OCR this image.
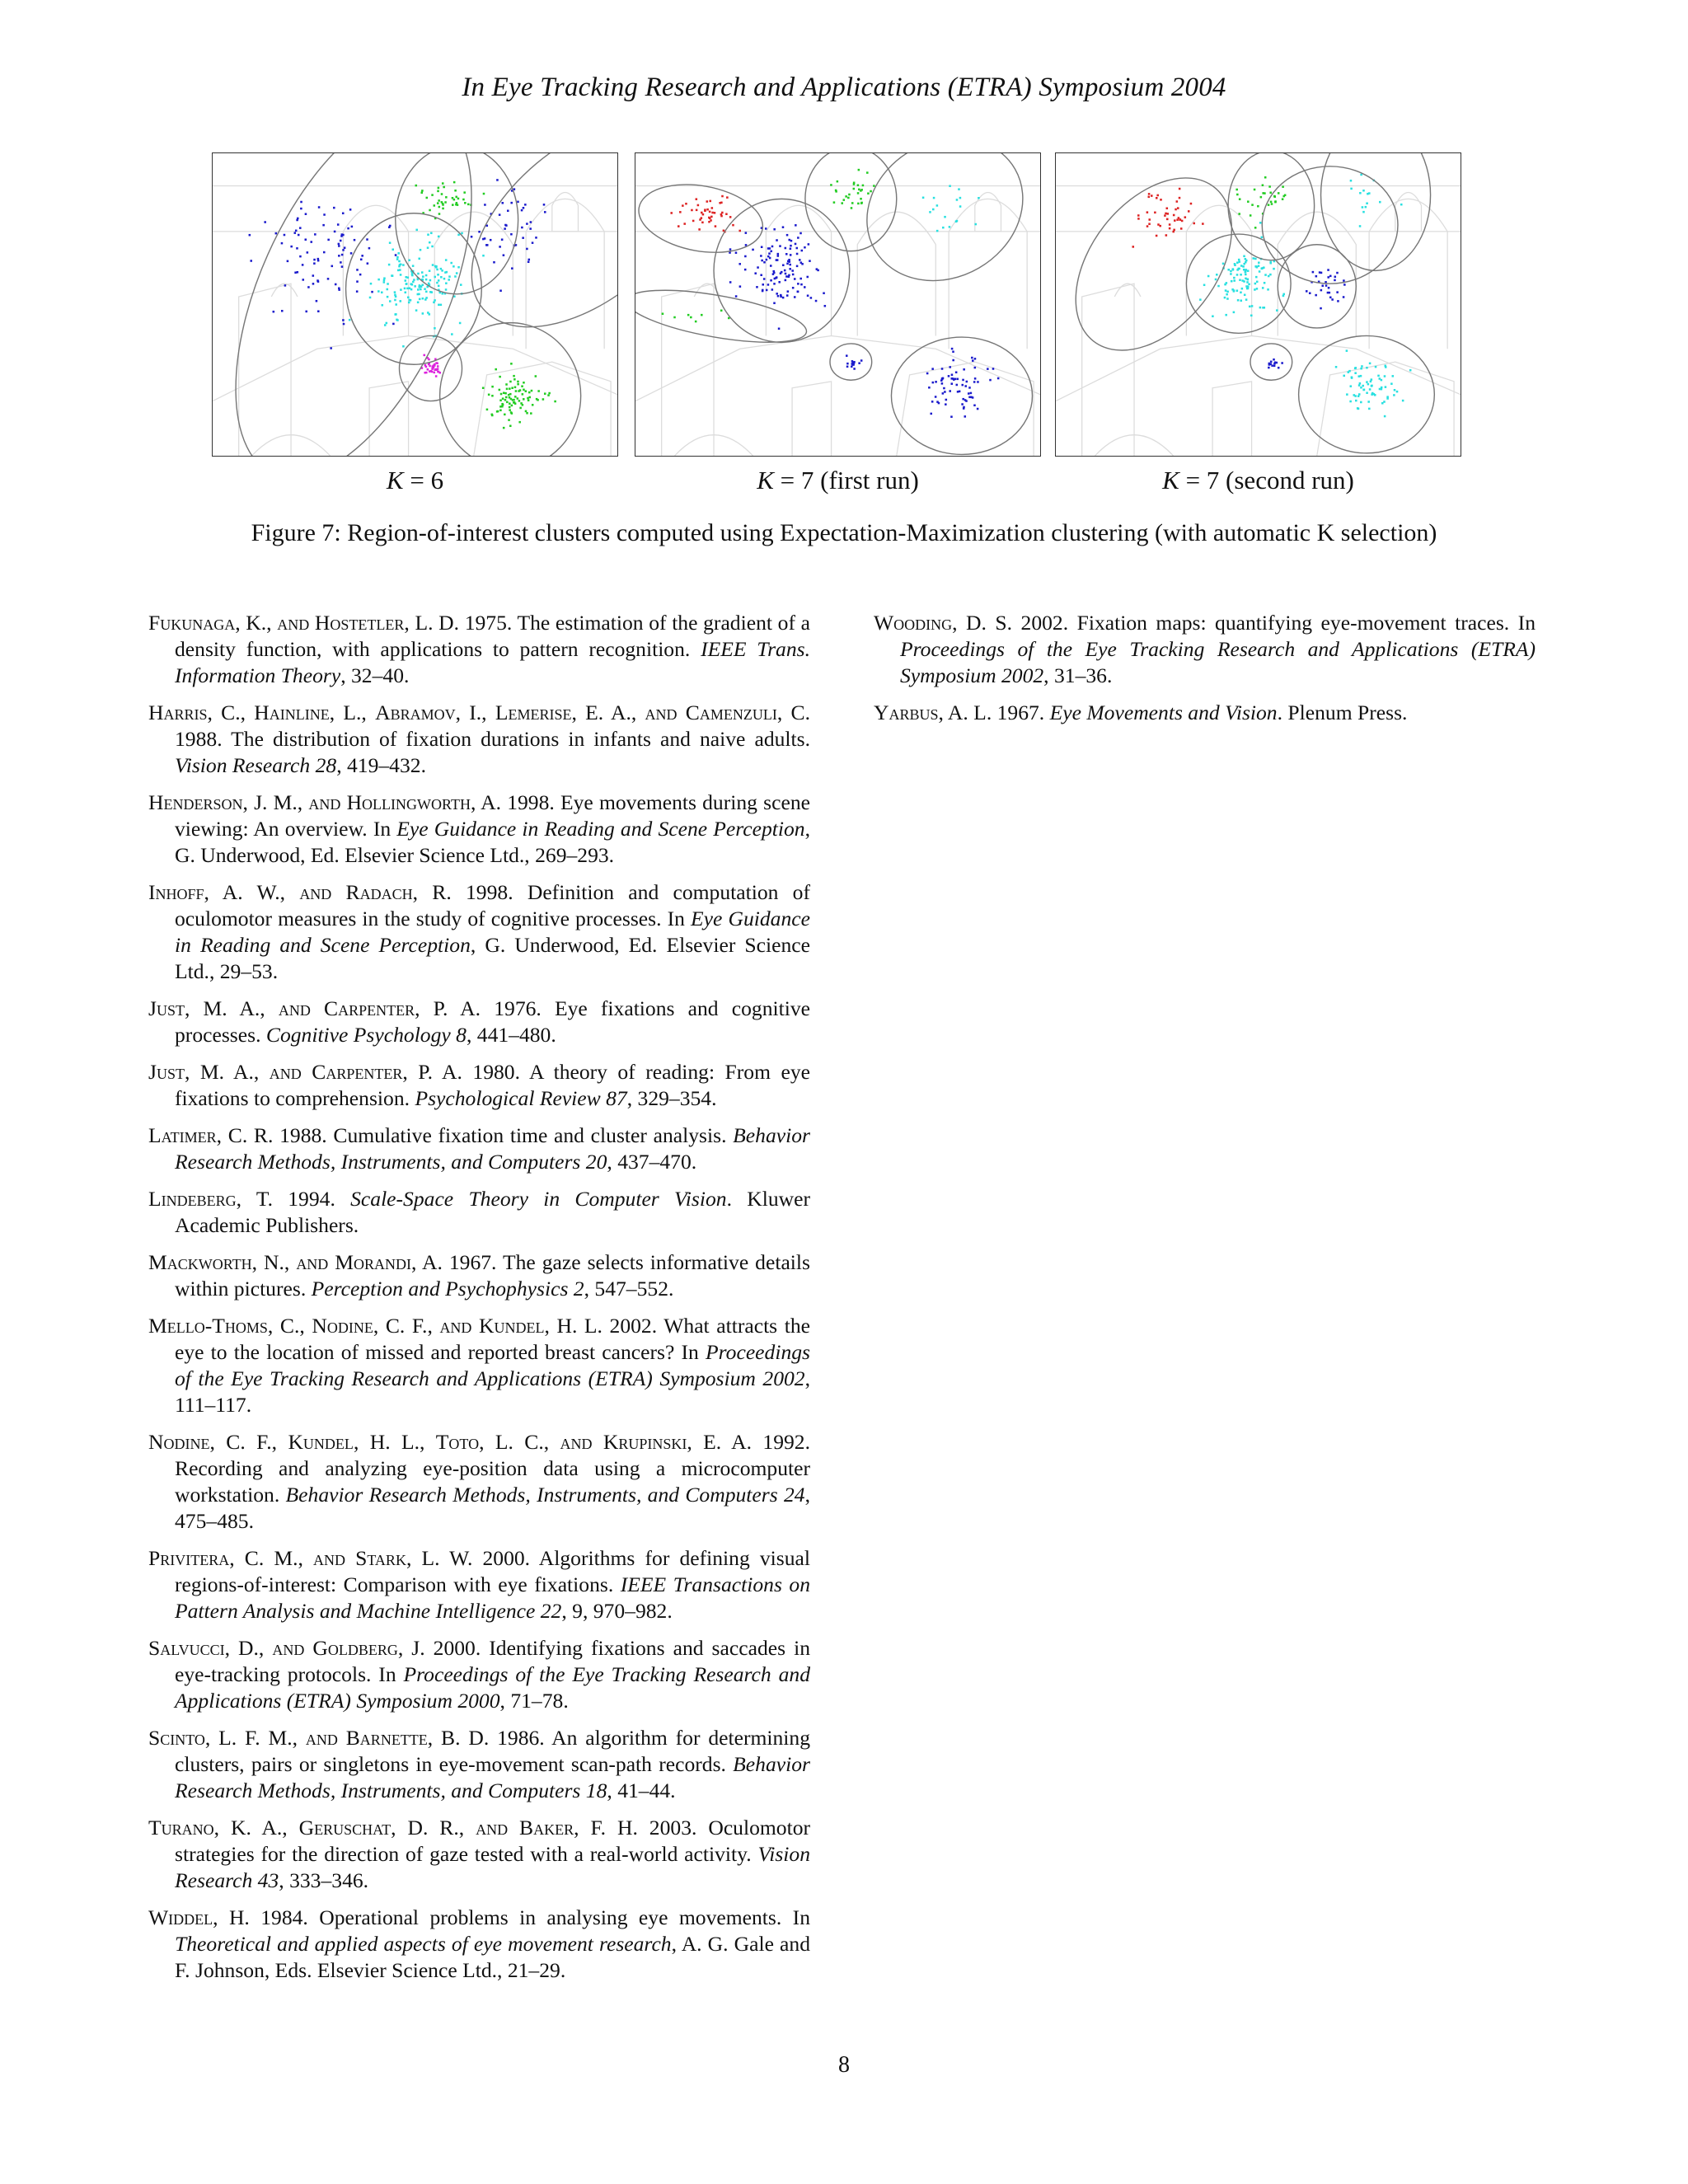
In Eye Tracking Research and Applications (ETRA) Symposium 2004
K = 6	K = 7 (first run)	K = 7 (second run)
Figure 7: Region-of-interest clusters computed using Expectation-Maximization clustering (with automatic K selection)
Fukunaga, K., and Hostetler, L. D. 1975. The estimation of the gradient of a density function, with applications to pattern recognition. IEEE Trans. Information Theory, 32–40.
Harris, C., Hainline, L., Abramov, I., Lemerise, E. A., and Camenzuli, C. 1988. The distribution of fixation durations in infants and naive adults. Vision Research 28, 419–432.
Henderson, J. M., and Hollingworth, A. 1998. Eye movements during scene viewing: An overview. In Eye Guidance in Reading and Scene Perception, G. Underwood, Ed. Elsevier Science Ltd., 269–293.
Inhoff, A. W., and Radach, R. 1998. Definition and computation of oculomotor measures in the study of cognitive processes. In Eye Guidance in Reading and Scene Perception, G. Underwood, Ed. Elsevier Science Ltd., 29–53.
Just, M. A., and Carpenter, P. A. 1976. Eye fixations and cognitive processes. Cognitive Psychology 8, 441–480.
Just, M. A., and Carpenter, P. A. 1980. A theory of reading: From eye fixations to comprehension. Psychological Review 87, 329–354.
Latimer, C. R. 1988. Cumulative fixation time and cluster analysis. Behavior Research Methods, Instruments, and Computers 20, 437–470.
Lindeberg, T. 1994. Scale-Space Theory in Computer Vision. Kluwer Academic Publishers.
Mackworth, N., and Morandi, A. 1967. The gaze selects informative details within pictures. Perception and Psychophysics 2, 547–552.
Mello-Thoms, C., Nodine, C. F., and Kundel, H. L. 2002. What attracts the eye to the location of missed and reported breast cancers? In Proceedings of the Eye Tracking Research and Applications (ETRA) Symposium 2002, 111–117.
Nodine, C. F., Kundel, H. L., Toto, L. C., and Krupinski, E. A. 1992. Recording and analyzing eye-position data using a microcomputer workstation. Behavior Research Methods, Instruments, and Computers 24, 475–485.
Privitera, C. M., and Stark, L. W. 2000. Algorithms for defining visual regions-of-interest: Comparison with eye fixations. IEEE Transactions on Pattern Analysis and Machine Intelligence 22, 9, 970–982.
Salvucci, D., and Goldberg, J. 2000. Identifying fixations and saccades in eye-tracking protocols. In Proceedings of the Eye Tracking Research and Applications (ETRA) Symposium 2000, 71–78.
Scinto, L. F. M., and Barnette, B. D. 1986. An algorithm for determining clusters, pairs or singletons in eye-movement scan-path records. Behavior Research Methods, Instruments, and Computers 18, 41–44.
Turano, K. A., Geruschat, D. R., and Baker, F. H. 2003. Oculomotor strategies for the direction of gaze tested with a real-world activity. Vision Research 43, 333–346.
Widdel, H. 1984. Operational problems in analysing eye movements. In Theoretical and applied aspects of eye movement research, A. G. Gale and F. Johnson, Eds. Elsevier Science Ltd., 21–29.
Wooding, D. S. 2002. Fixation maps: quantifying eye-movement traces. In Proceedings of the Eye Tracking Research and Applications (ETRA) Symposium 2002, 31–36.
Yarbus, A. L. 1967. Eye Movements and Vision. Plenum Press.
8
